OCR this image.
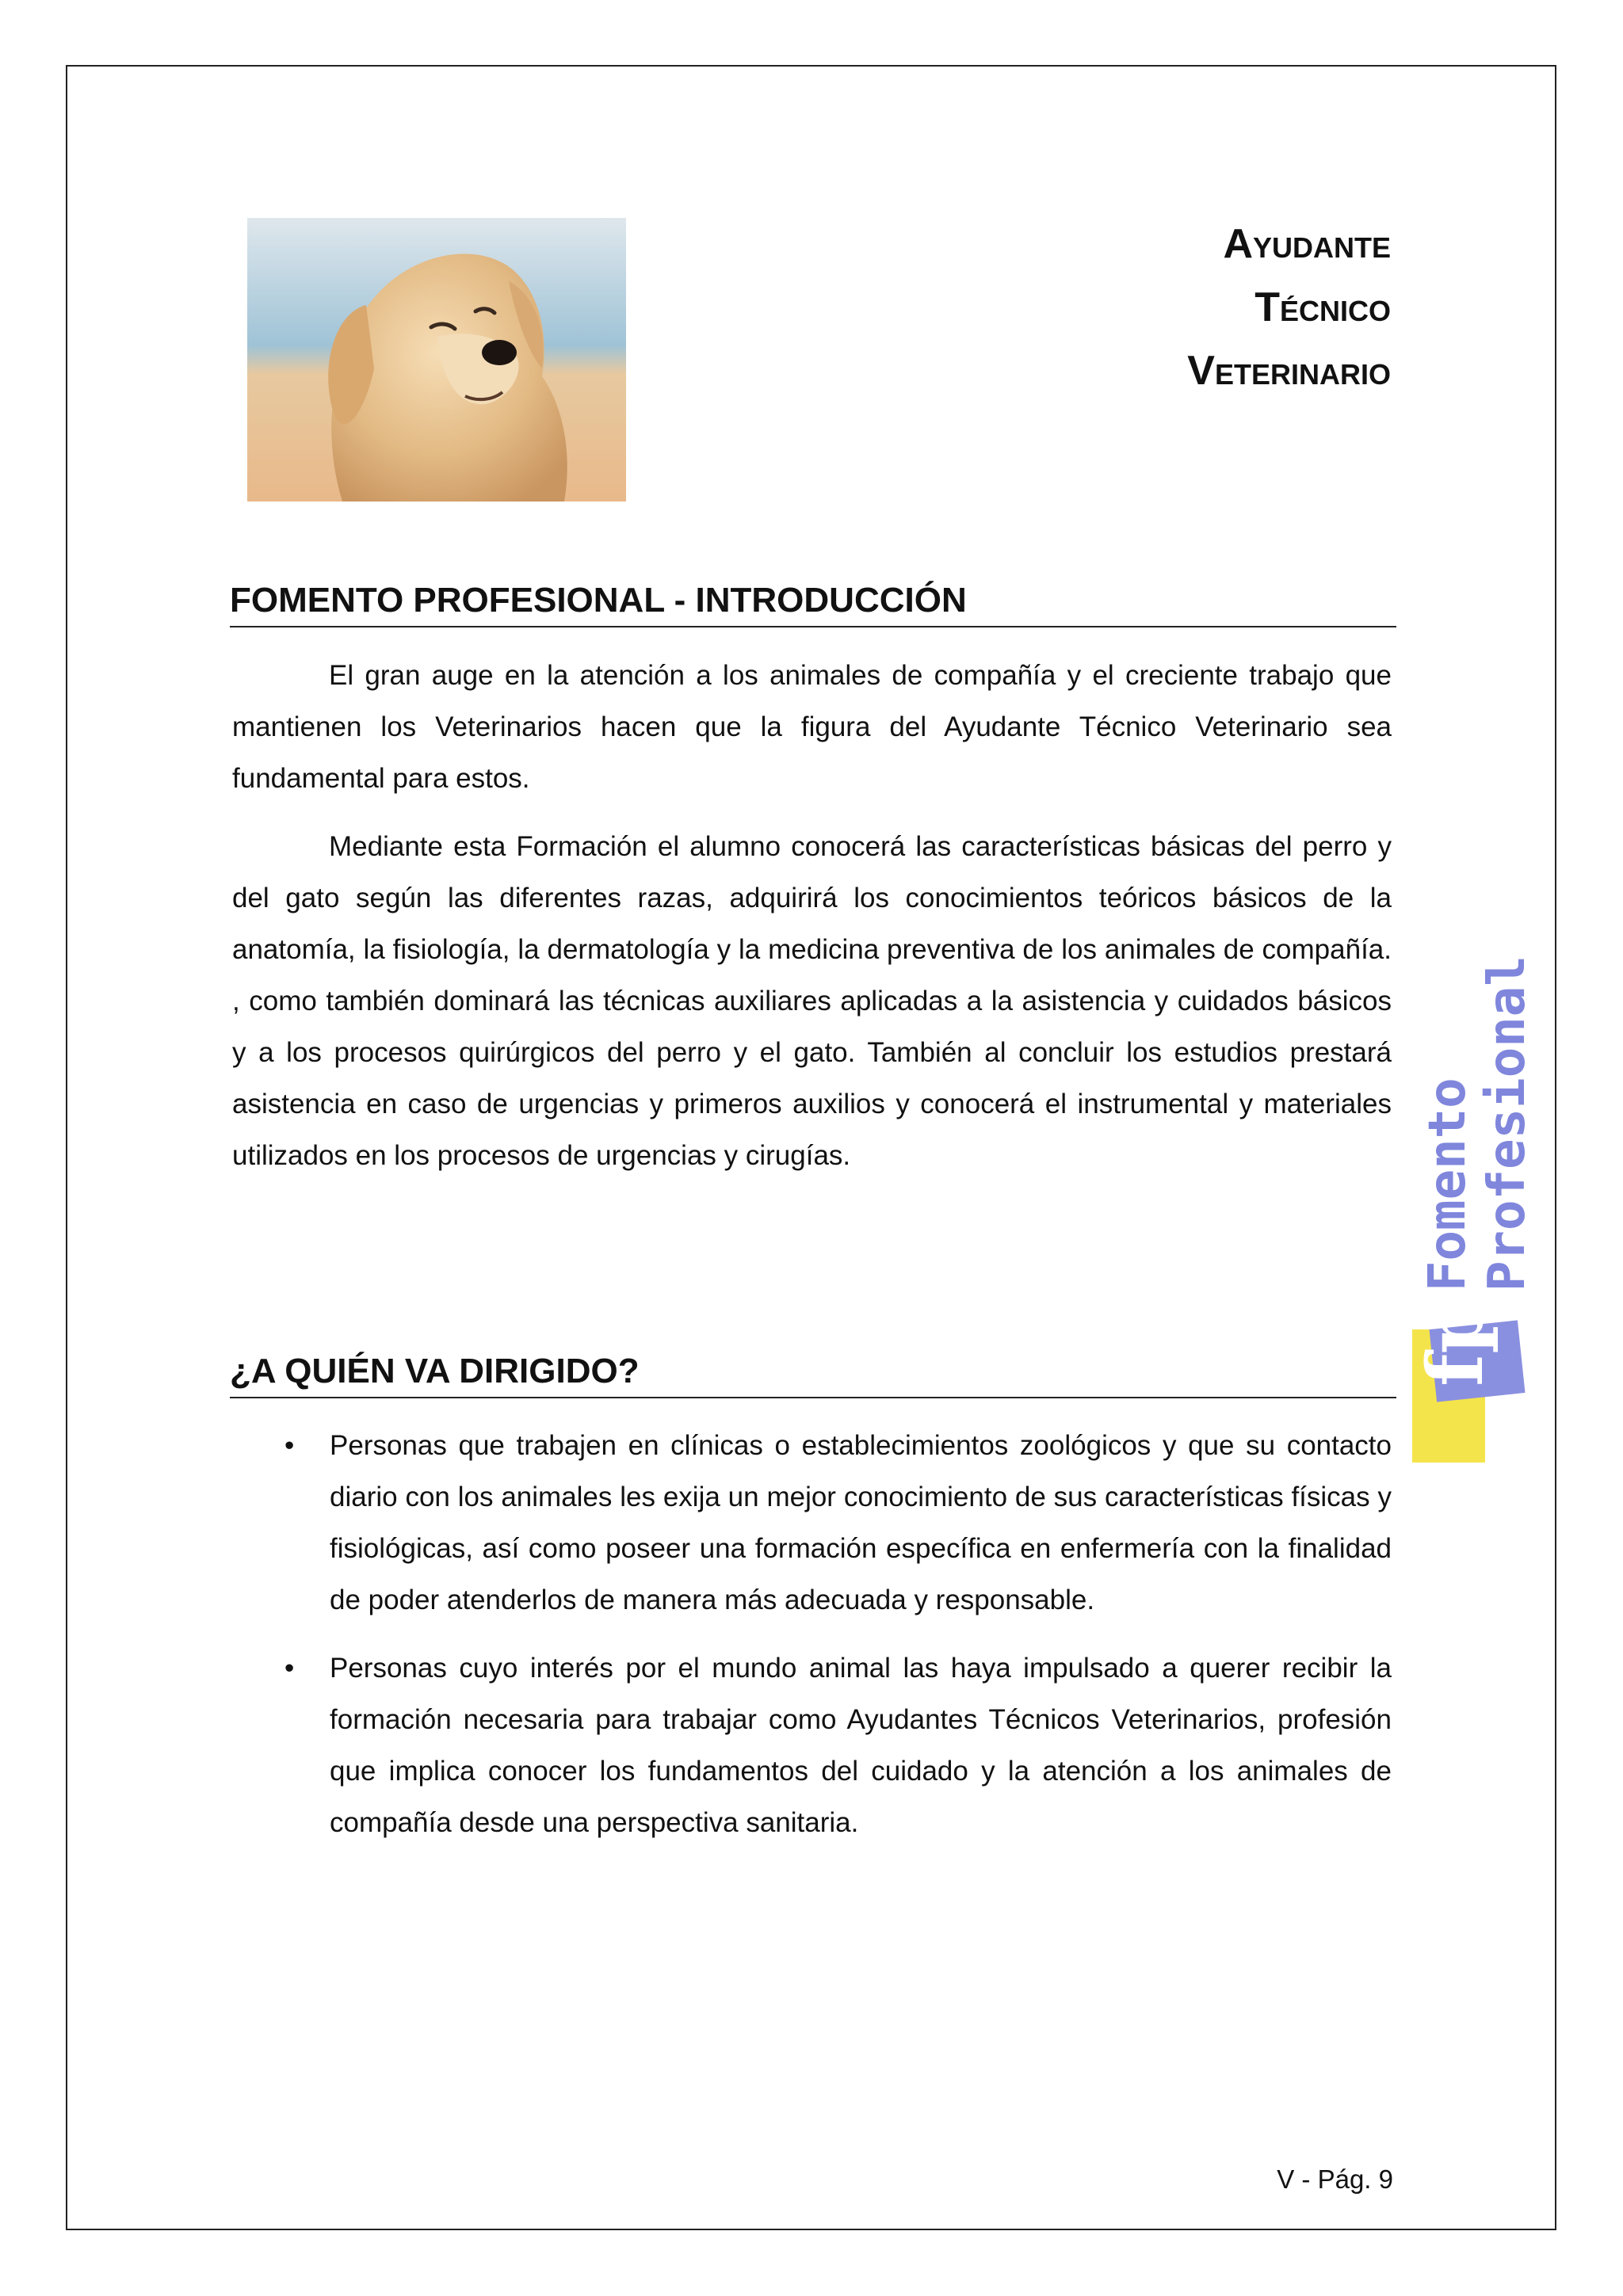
Ayudante
Técnico
Veterinario
FOMENTO PROFESIONAL - INTRODUCCIÓN

El gran auge en la atención a los animales de compañía y el creciente trabajo que mantienen los Veterinarios hacen que la figura del Ayudante Técnico Veterinario sea fundamental para estos.

Mediante esta Formación el alumno conocerá las características básicas del perro y del gato según las diferentes razas, adquirirá los conocimientos teóricos básicos de la anatomía, la fisiología, la dermatología y la medicina preventiva de los animales de compañía. , como también dominará las técnicas auxiliares aplicadas a la asistencia y cuidados básicos y a los procesos quirúrgicos del perro y el gato. También al concluir los estudios prestará asistencia en caso de urgencias y primeros auxilios y conocerá el instrumental y materiales utilizados en los procesos de urgencias y cirugías.

¿A QUIÉN VA DIRIGIDO?
• Personas que trabajen en clínicas o establecimientos zoológicos y que su contacto diario con los animales les exija un mejor conocimiento de sus características físicas y fisiológicas, así como poseer una formación específica en enfermería con la finalidad de poder atenderlos de manera más adecuada y responsable.
• Personas cuyo interés por el mundo animal las haya impulsado a querer recibir la formación necesaria para trabajar como Ayudantes Técnicos Veterinarios, profesión que implica conocer los fundamentos del cuidado y la atención a los animales de compañía desde una perspectiva sanitaria.
Fomento Profesional
fp
V - Pág. 9
